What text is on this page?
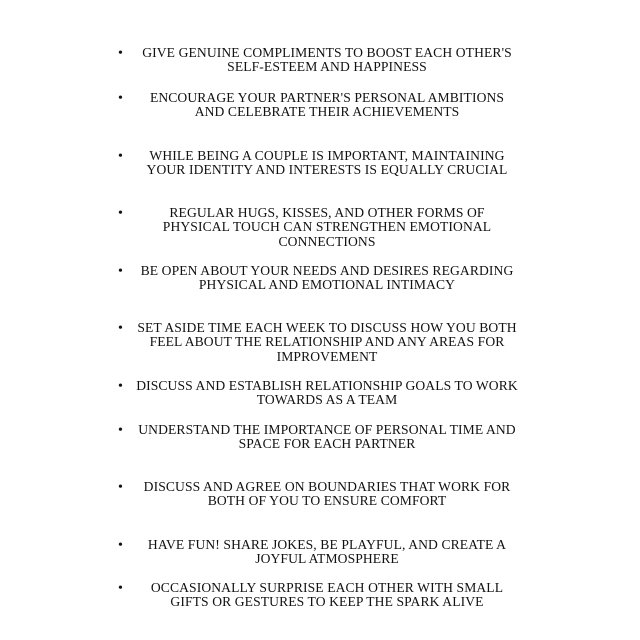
•	GIVE GENUINE COMPLIMENTS TO BOOST EACH OTHER'S SELF-ESTEEM AND HAPPINESS
•	ENCOURAGE YOUR PARTNER'S PERSONAL AMBITIONS AND CELEBRATE THEIR ACHIEVEMENTS
•	WHILE BEING A COUPLE IS IMPORTANT, MAINTAINING YOUR IDENTITY AND INTERESTS IS EQUALLY CRUCIAL
•	REGULAR HUGS, KISSES, AND OTHER FORMS OF PHYSICAL TOUCH CAN STRENGTHEN EMOTIONAL CONNECTIONS
•	BE OPEN ABOUT YOUR NEEDS AND DESIRES REGARDING PHYSICAL AND EMOTIONAL INTIMACY
•	SET ASIDE TIME EACH WEEK TO DISCUSS HOW YOU BOTH FEEL ABOUT THE RELATIONSHIP AND ANY AREAS FOR IMPROVEMENT
• DISCUSS AND ESTABLISH RELATIONSHIP GOALS TO WORK TOWARDS AS A TEAM
•	UNDERSTAND THE IMPORTANCE OF PERSONAL TIME AND SPACE FOR EACH PARTNER
•	DISCUSS AND AGREE ON BOUNDARIES THAT WORK FOR BOTH OF YOU TO ENSURE COMFORT
•	HAVE FUN! SHARE JOKES, BE PLAYFUL, AND CREATE A JOYFUL ATMOSPHERE
•	OCCASIONALLY SURPRISE EACH OTHER WITH SMALL GIFTS OR GESTURES TO KEEP THE SPARK ALIVE
